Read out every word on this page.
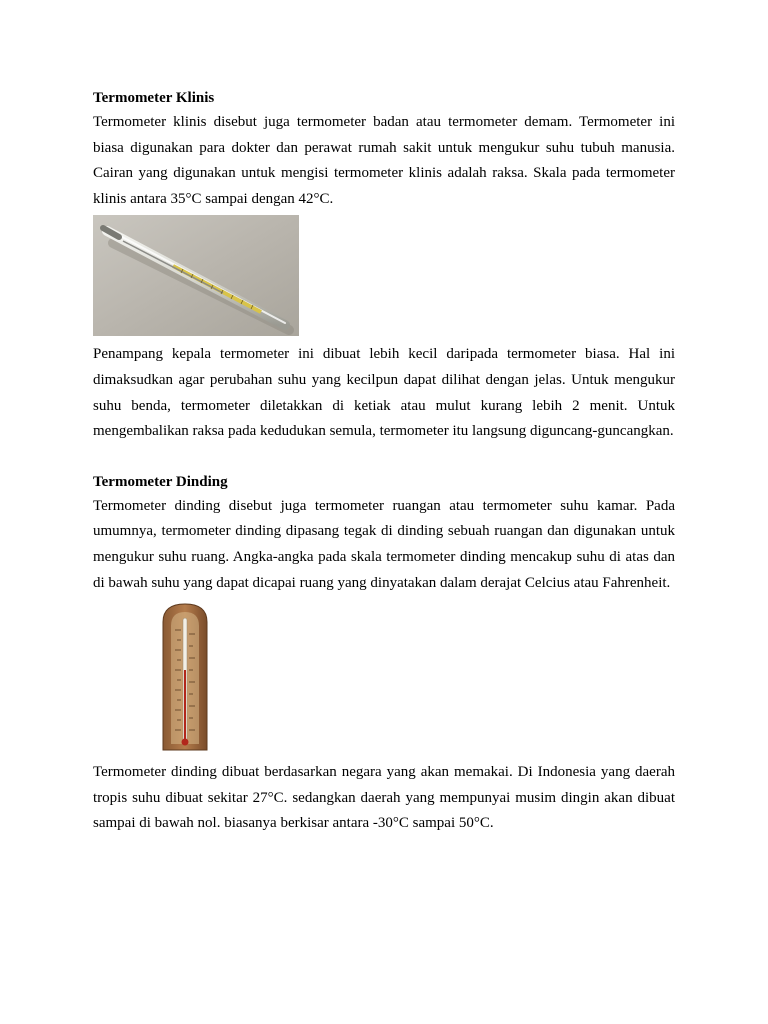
Termometer Klinis

Termometer klinis disebut juga termometer badan atau termometer demam. Termometer ini biasa digunakan para dokter dan perawat rumah sakit untuk mengukur suhu tubuh manusia. Cairan yang digunakan untuk mengisi termometer klinis adalah raksa. Skala pada termometer klinis antara 35°C sampai dengan 42°C.

Penampang kepala termometer ini dibuat lebih kecil daripada termometer biasa. Hal ini dimaksudkan agar perubahan suhu yang kecilpun dapat dilihat dengan jelas. Untuk mengukur suhu benda, termometer diletakkan di ketiak atau mulut kurang lebih 2 menit. Untuk mengembalikan raksa pada kedudukan semula, termometer itu langsung diguncang-guncangkan.

Termometer Dinding

Termometer dinding disebut juga termometer ruangan atau termometer suhu kamar. Pada umumnya, termometer dinding dipasang tegak di dinding sebuah ruangan dan digunakan untuk mengukur suhu ruang. Angka-angka pada skala termometer dinding mencakup suhu di atas dan di bawah suhu yang dapat dicapai ruang yang dinyatakan dalam derajat Celcius atau Fahrenheit.

Termometer dinding dibuat berdasarkan negara yang akan memakai. Di Indonesia yang daerah tropis suhu dibuat sekitar 27°C. sedangkan daerah yang mempunyai musim dingin akan dibuat sampai di bawah nol. biasanya berkisar antara -30°C sampai 50°C.
